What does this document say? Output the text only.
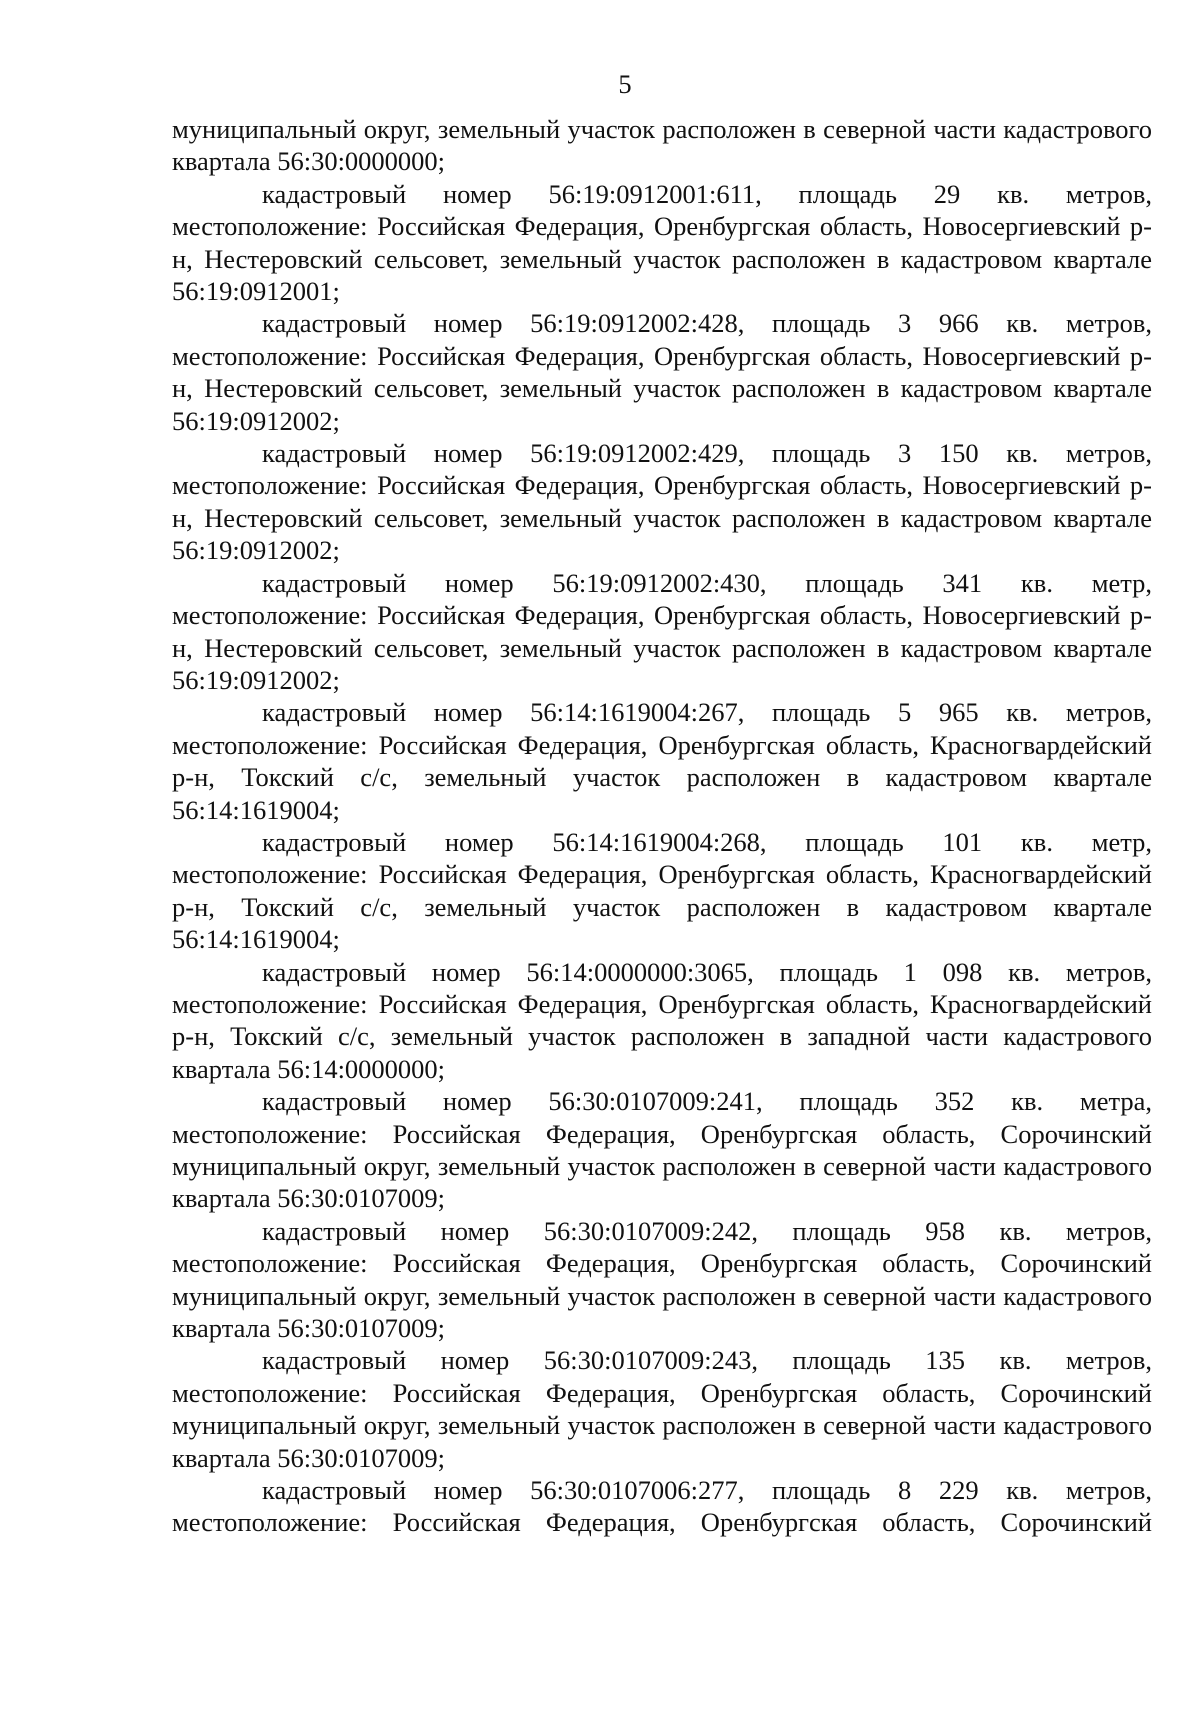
5

муниципальный округ, земельный участок расположен в северной части кадастрового квартала 56:30:0000000;

кадастровый номер 56:19:0912001:611, площадь 29 кв. метров, местоположение: Российская Федерация, Оренбургская область, Новосергиевский р-н, Нестеровский сельсовет, земельный участок расположен в кадастровом квартале 56:19:0912001;

кадастровый номер 56:19:0912002:428, площадь 3 966 кв. метров, местоположение: Российская Федерация, Оренбургская область, Новосергиевский р-н, Нестеровский сельсовет, земельный участок расположен в кадастровом квартале 56:19:0912002;

кадастровый номер 56:19:0912002:429, площадь 3 150 кв. метров, местоположение: Российская Федерация, Оренбургская область, Новосергиевский р-н, Нестеровский сельсовет, земельный участок расположен в кадастровом квартале 56:19:0912002;

кадастровый номер 56:19:0912002:430, площадь 341 кв. метр, местоположение: Российская Федерация, Оренбургская область, Новосергиевский р-н, Нестеровский сельсовет, земельный участок расположен в кадастровом квартале 56:19:0912002;

кадастровый номер 56:14:1619004:267, площадь 5 965 кв. метров, местоположение: Российская Федерация, Оренбургская область, Красногвардейский р-н, Токский с/с, земельный участок расположен в кадастровом квартале 56:14:1619004;

кадастровый номер 56:14:1619004:268, площадь 101 кв. метр, местоположение: Российская Федерация, Оренбургская область, Красногвардейский р-н, Токский с/с, земельный участок расположен в кадастровом квартале 56:14:1619004;

кадастровый номер 56:14:0000000:3065, площадь 1 098 кв. метров, местоположение: Российская Федерация, Оренбургская область, Красногвардейский р-н, Токский с/с, земельный участок расположен в западной части кадастрового квартала 56:14:0000000;

кадастровый номер 56:30:0107009:241, площадь 352 кв. метра, местоположение: Российская Федерация, Оренбургская область, Сорочинский муниципальный округ, земельный участок расположен в северной части кадастрового квартала 56:30:0107009;

кадастровый номер 56:30:0107009:242, площадь 958 кв. метров, местоположение: Российская Федерация, Оренбургская область, Сорочинский муниципальный округ, земельный участок расположен в северной части кадастрового квартала 56:30:0107009;

кадастровый номер 56:30:0107009:243, площадь 135 кв. метров, местоположение: Российская Федерация, Оренбургская область, Сорочинский муниципальный округ, земельный участок расположен в северной части кадастрового квартала 56:30:0107009;

кадастровый номер 56:30:0107006:277, площадь 8 229 кв. метров, местоположение: Российская Федерация, Оренбургская область, Сорочинский
